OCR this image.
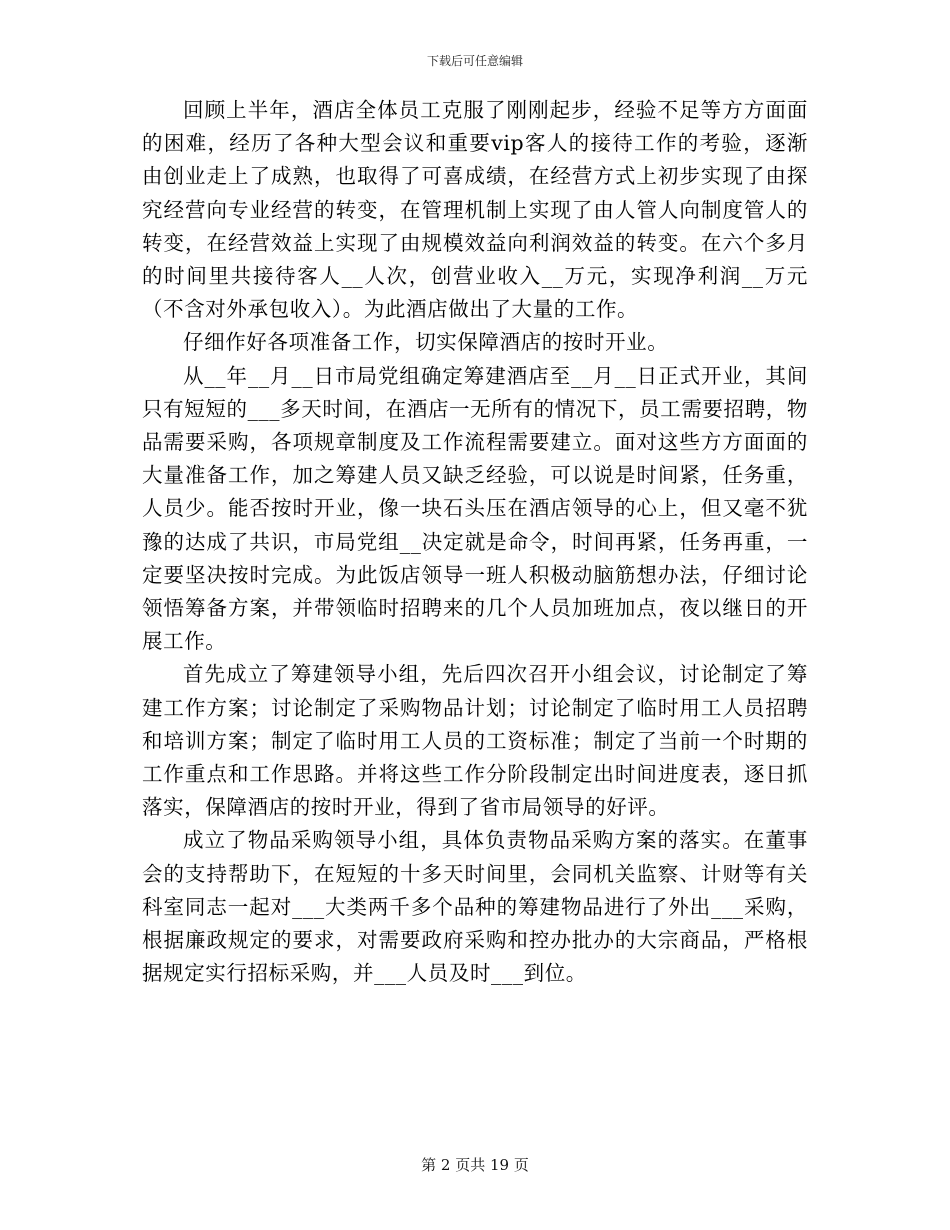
下载后可任意编辑

回顾上半年，酒店全体员工克服了刚刚起步，经验不足等方方面面的困难，经历了各种大型会议和重要vip客人的接待工作的考验，逐渐由创业走上了成熟，也取得了可喜成绩，在经营方式上初步实现了由探究经营向专业经营的转变，在管理机制上实现了由人管人向制度管人的转变，在经营效益上实现了由规模效益向利润效益的转变。在六个多月的时间里共接待客人__人次，创营业收入__万元，实现净利润__万元（不含对外承包收入）。为此酒店做出了大量的工作。

仔细作好各项准备工作，切实保障酒店的按时开业。

从__年__月__日市局党组确定筹建酒店至__月__日正式开业，其间只有短短的___多天时间，在酒店一无所有的情况下，员工需要招聘，物品需要采购，各项规章制度及工作流程需要建立。面对这些方方面面的大量准备工作，加之筹建人员又缺乏经验，可以说是时间紧，任务重，人员少。能否按时开业，像一块石头压在酒店领导的心上，但又毫不犹豫的达成了共识，市局党组__决定就是命令，时间再紧，任务再重，一定要坚决按时完成。为此饭店领导一班人积极动脑筋想办法，仔细讨论领悟筹备方案，并带领临时招聘来的几个人员加班加点，夜以继日的开展工作。

首先成立了筹建领导小组，先后四次召开小组会议，讨论制定了筹建工作方案；讨论制定了采购物品计划；讨论制定了临时用工人员招聘和培训方案；制定了临时用工人员的工资标准；制定了当前一个时期的工作重点和工作思路。并将这些工作分阶段制定出时间进度表，逐日抓落实，保障酒店的按时开业，得到了省市局领导的好评。

成立了物品采购领导小组，具体负责物品采购方案的落实。在董事会的支持帮助下，在短短的十多天时间里，会同机关监察、计财等有关科室同志一起对___大类两千多个品种的筹建物品进行了外出___采购，根据廉政规定的要求，对需要政府采购和控办批办的大宗商品，严格根据规定实行招标采购，并___人员及时___到位。

第 2 页共 19 页
